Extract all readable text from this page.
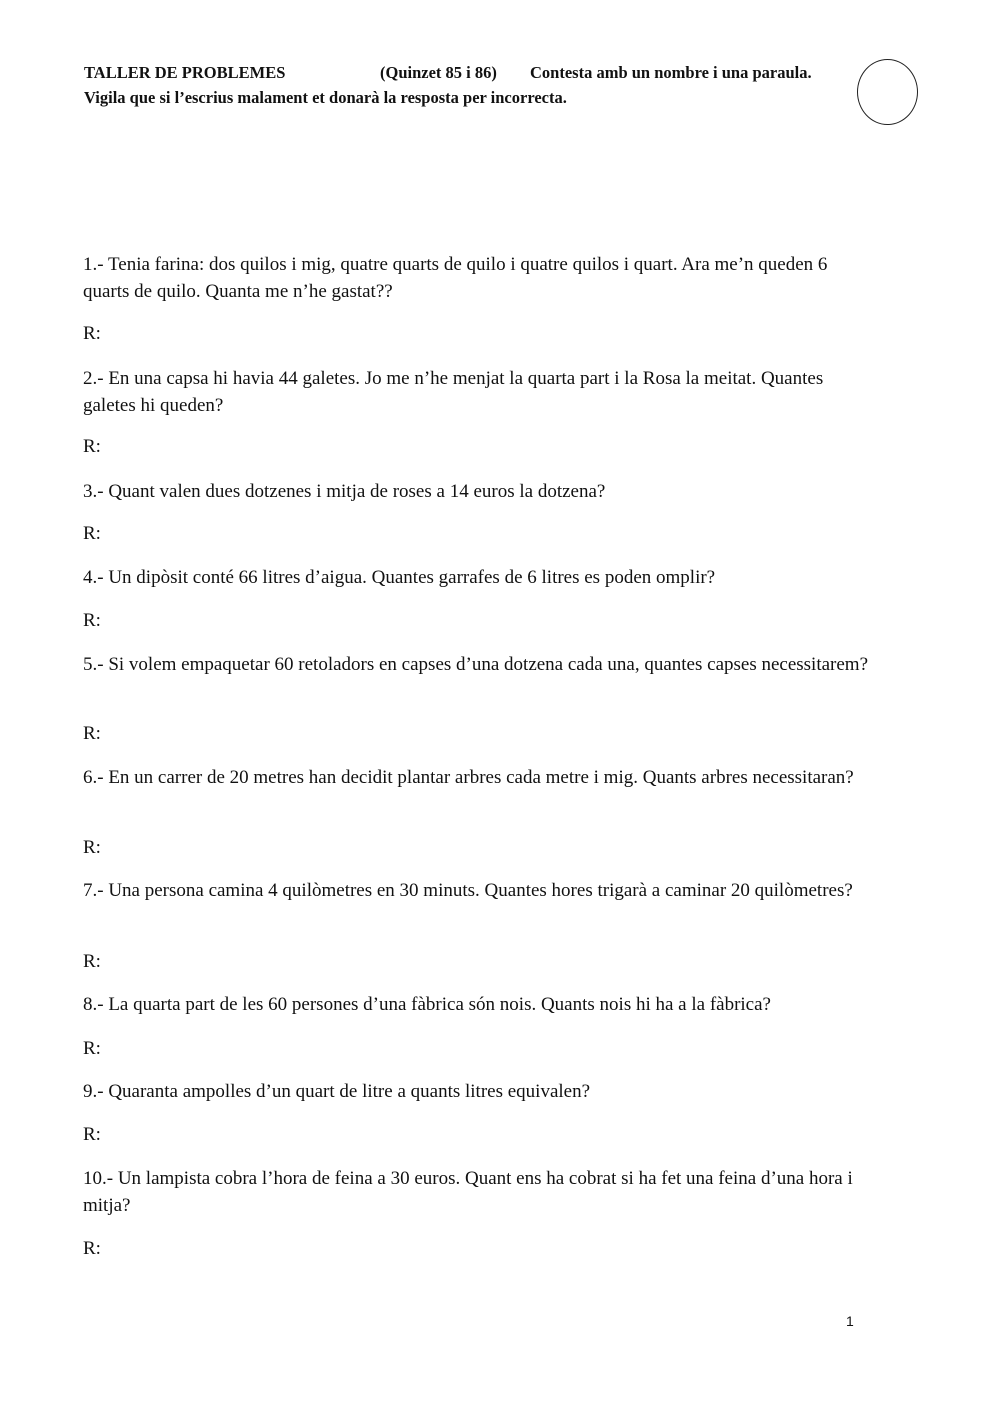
TALLER DE PROBLEMES	(Quinzet 85 i 86) Contesta amb un nombre i una paraula.
Vigila que si l’escrius malament et donarà la resposta per incorrecta.
1.- Tenia farina: dos quilos i mig, quatre quarts de quilo i quatre quilos i quart. Ara me’n queden 6 quarts de quilo. Quanta me n’he gastat??
R:
2.- En una capsa hi havia 44 galetes. Jo me n’he menjat la quarta part i la Rosa la meitat. Quantes galetes hi queden?
R:
3.- Quant valen dues dotzenes i mitja de roses a 14 euros la dotzena?
R:
4.- Un dipòsit conté 66 litres d’aigua. Quantes garrafes de 6 litres es poden omplir?
R:
5.- Si volem empaquetar 60 retoladors en capses d’una dotzena cada una, quantes capses necessitarem?
R:
6.- En un carrer de 20 metres han decidit plantar arbres cada metre i mig. Quants arbres necessitaran?
R:
7.- Una persona camina 4 quilòmetres en 30 minuts. Quantes hores trigarà a caminar 20 quilòmetres?
R:
8.- La quarta part de les 60 persones d’una fàbrica són nois. Quants nois hi ha a la fàbrica?
R:
9.- Quaranta ampolles d’un quart de litre a quants litres equivalen?
R:
10.- Un lampista cobra l’hora de feina a 30 euros. Quant ens ha cobrat si ha fet una feina d’una hora i mitja?
R:
1
